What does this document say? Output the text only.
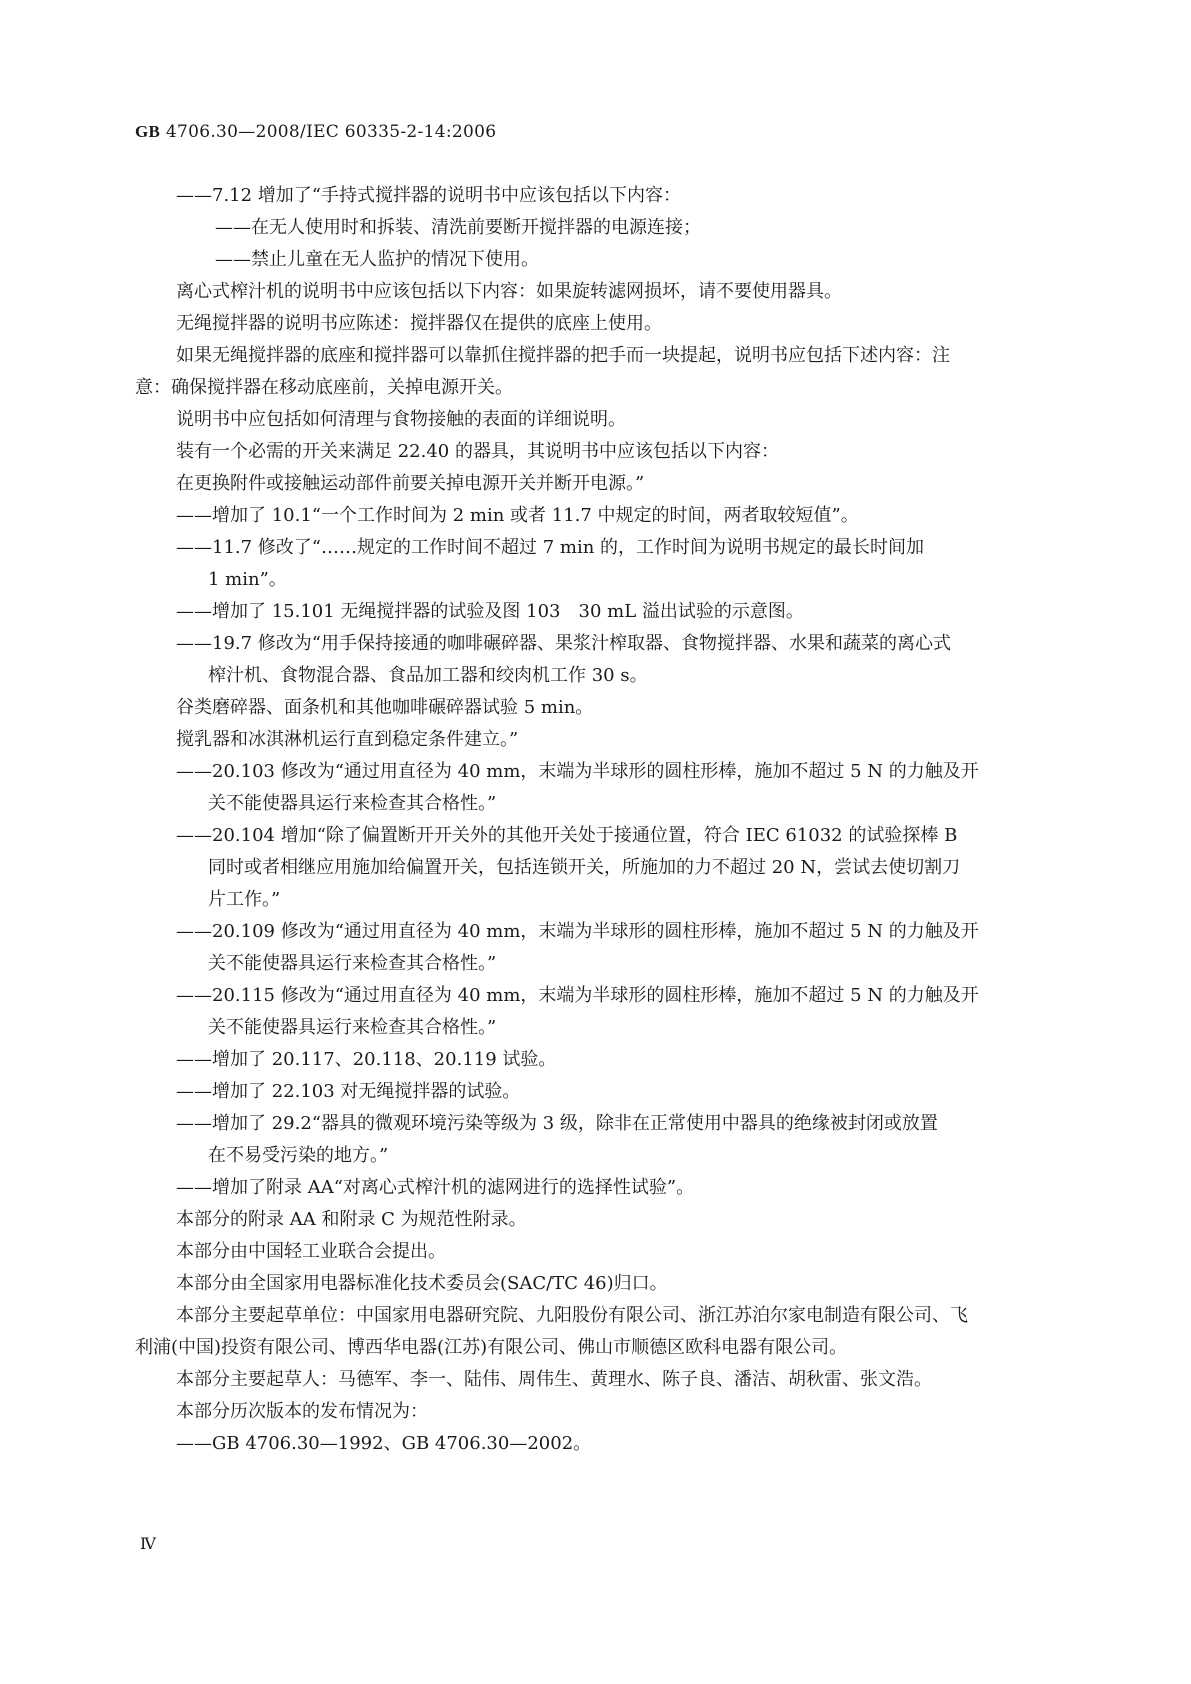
GB 4706.30—2008/IEC 60335-2-14:2006
——7.12 增加了“手持式搅拌器的说明书中应该包括以下内容：
——在无人使用时和拆装、清洗前要断开搅拌器的电源连接；
——禁止儿童在无人监护的情况下使用。
离心式榨汁机的说明书中应该包括以下内容：如果旋转滤网损坏，请不要使用器具。
无绳搅拌器的说明书应陈述：搅拌器仅在提供的底座上使用。
如果无绳搅拌器的底座和搅拌器可以靠抓住搅拌器的把手而一块提起，说明书应包括下述内容：注
意：确保搅拌器在移动底座前，关掉电源开关。
说明书中应包括如何清理与食物接触的表面的详细说明。
装有一个必需的开关来满足 22.40 的器具，其说明书中应该包括以下内容：
在更换附件或接触运动部件前要关掉电源开关并断开电源。”
——增加了 10.1“一个工作时间为 2 min 或者 11.7 中规定的时间，两者取较短值”。
——11.7 修改了“……规定的工作时间不超过 7 min 的，工作时间为说明书规定的最长时间加
1 min”。
——增加了 15.101 无绳搅拌器的试验及图 103　30 mL 溢出试验的示意图。
——19.7 修改为“用手保持接通的咖啡碾碎器、果浆汁榨取器、食物搅拌器、水果和蔬菜的离心式
榨汁机、食物混合器、食品加工器和绞肉机工作 30 s。
谷类磨碎器、面条机和其他咖啡碾碎器试验 5 min。
搅乳器和冰淇淋机运行直到稳定条件建立。”
——20.103 修改为“通过用直径为 40 mm，末端为半球形的圆柱形棒，施加不超过 5 N 的力触及开
关不能使器具运行来检查其合格性。”
——20.104 增加“除了偏置断开开关外的其他开关处于接通位置，符合 IEC 61032 的试验探棒 B
同时或者相继应用施加给偏置开关，包括连锁开关，所施加的力不超过 20 N，尝试去使切割刀
片工作。”
——20.109 修改为“通过用直径为 40 mm，末端为半球形的圆柱形棒，施加不超过 5 N 的力触及开
关不能使器具运行来检查其合格性。”
——20.115 修改为“通过用直径为 40 mm，末端为半球形的圆柱形棒，施加不超过 5 N 的力触及开
关不能使器具运行来检查其合格性。”
——增加了 20.117、20.118、20.119 试验。
——增加了 22.103 对无绳搅拌器的试验。
——增加了 29.2“器具的微观环境污染等级为 3 级，除非在正常使用中器具的绝缘被封闭或放置
在不易受污染的地方。”
——增加了附录 AA“对离心式榨汁机的滤网进行的选择性试验”。
本部分的附录 AA 和附录 C 为规范性附录。
本部分由中国轻工业联合会提出。
本部分由全国家用电器标准化技术委员会(SAC/TC 46)归口。
本部分主要起草单位：中国家用电器研究院、九阳股份有限公司、浙江苏泊尔家电制造有限公司、飞
利浦(中国)投资有限公司、博西华电器(江苏)有限公司、佛山市顺德区欧科电器有限公司。
本部分主要起草人：马德军、李一、陆伟、周伟生、黄理水、陈子良、潘洁、胡秋雷、张文浩。
本部分历次版本的发布情况为：
——GB 4706.30—1992、GB 4706.30—2002。
Ⅳ
